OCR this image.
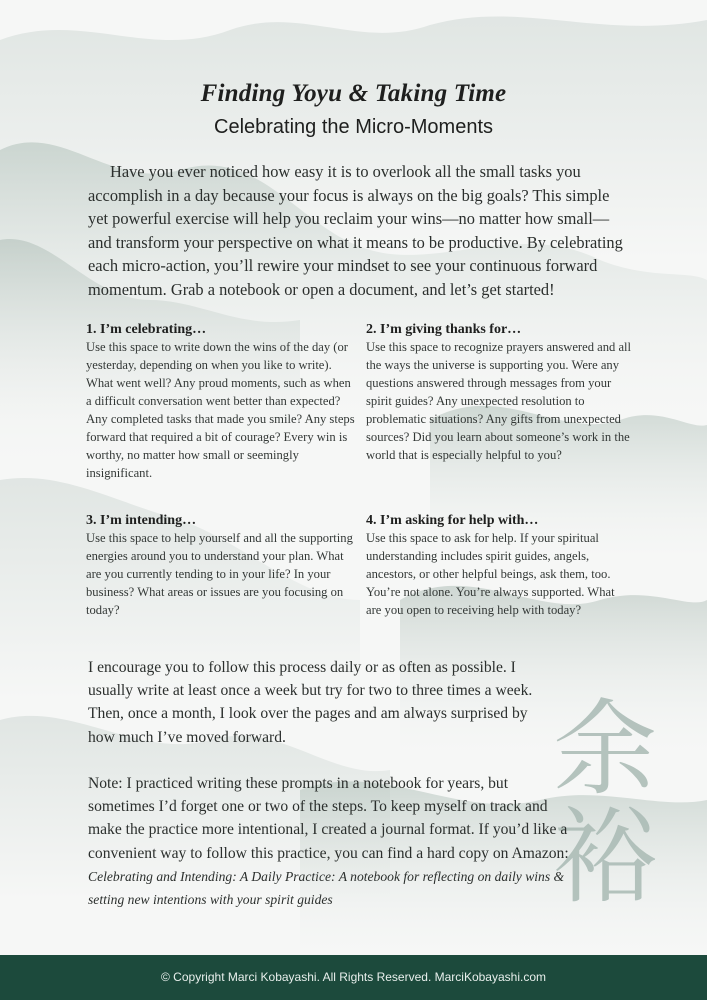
余
裕
Finding Yoyu & Taking Time
Celebrating the Micro-Moments

Have you ever noticed how easy it is to overlook all the small tasks you accomplish in a day because your focus is always on the big goals? This simple yet powerful exercise will help you reclaim your wins—no matter how small—and transform your perspective on what it means to be productive. By celebrating each micro-action, you’ll rewire your mindset to see your continuous forward momentum. Grab a notebook or open a document, and let’s get started!

1. I’m celebrating…

Use this space to write down the wins of the day (or yesterday, depending on when you like to write). What went well? Any proud moments, such as when a difficult conversation went better than expected? Any completed tasks that made you smile? Any steps forward that required a bit of courage? Every win is worthy, no matter how small or seemingly insignificant.

2. I’m giving thanks for…

Use this space to recognize prayers answered and all the ways the universe is supporting you. Were any questions answered through messages from your spirit guides? Any unexpected resolution to problematic situations? Any gifts from unexpected sources? Did you learn about someone’s work in the world that is especially helpful to you?

3. I’m intending…

Use this space to help yourself and all the supporting energies around you to understand your plan. What are you currently tending to in your life? In your business? What areas or issues are you focusing on today?

4. I’m asking for help with…

Use this space to ask for help. If your spiritual understanding includes spirit guides, angels, ancestors, or other helpful beings, ask them, too. You’re not alone. You’re always supported. What are you open to receiving help with today?

I encourage you to follow this process daily or as often as possible. I usually write at least once a week but try for two to three times a week. Then, once a month, I look over the pages and am always surprised by how much I’ve moved forward.

Note: I practiced writing these prompts in a notebook for years, but sometimes I’d forget one or two of the steps. To keep myself on track and make the practice more intentional, I created a journal format. If you’d like a convenient way to follow this practice, you can find a hard copy on Amazon: Celebrating and Intending: A Daily Practice: A notebook for reflecting on daily wins & setting new intentions with your spirit guides

© Copyright Marci Kobayashi. All Rights Reserved. MarciKobayashi.com
